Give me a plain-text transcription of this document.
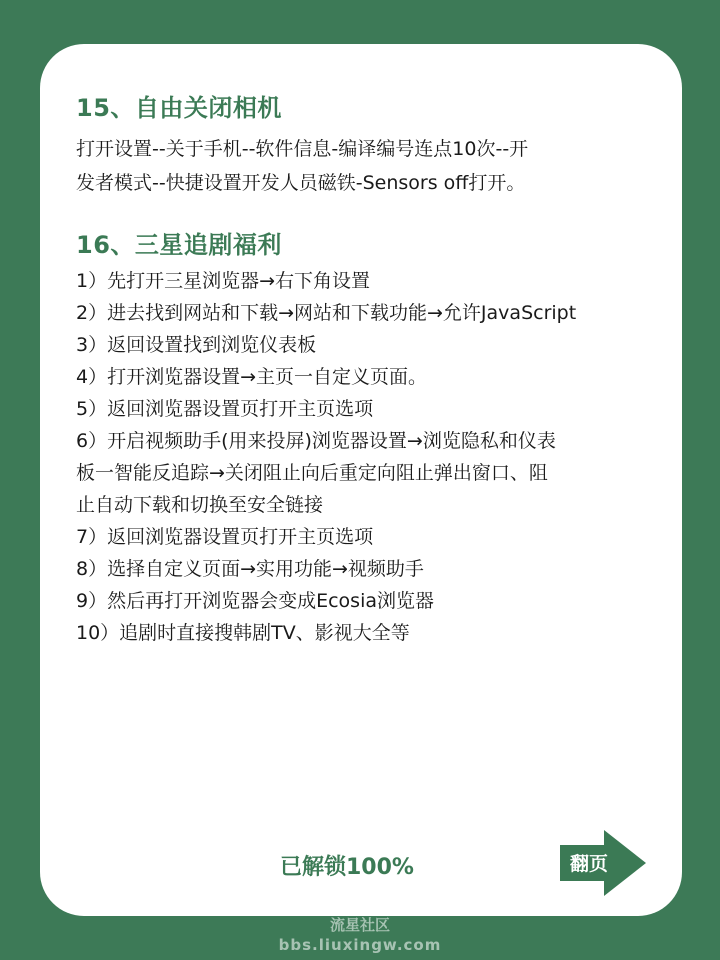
15、自由关闭相机

打开设置--关于手机--软件信息-编译编号连点10次--开
发者模式--快捷设置开发人员磁铁-Sensors off打开。

16、三星追剧福利
1）先打开三星浏览器→右下角设置
2）进去找到网站和下载→网站和下载功能→允许JavaScript
3）返回设置找到浏览仪表板
4）打开浏览器设置→主页一自定义页面。
5）返回浏览器设置页打开主页选项
6）开启视频助手(用来投屏)浏览器设置→浏览隐私和仪表
板一智能反追踪→关闭阻止向后重定向阻止弹出窗口、阻
止自动下载和切换至安全链接
7）返回浏览器设置页打开主页选项
8）选择自定义页面→实用功能→视频助手
9）然后再打开浏览器会变成Ecosia浏览器
10）追剧时直接搜韩剧TV、影视大全等
已解锁100%	翻页
流星社区
bbs.liuxingw.com
